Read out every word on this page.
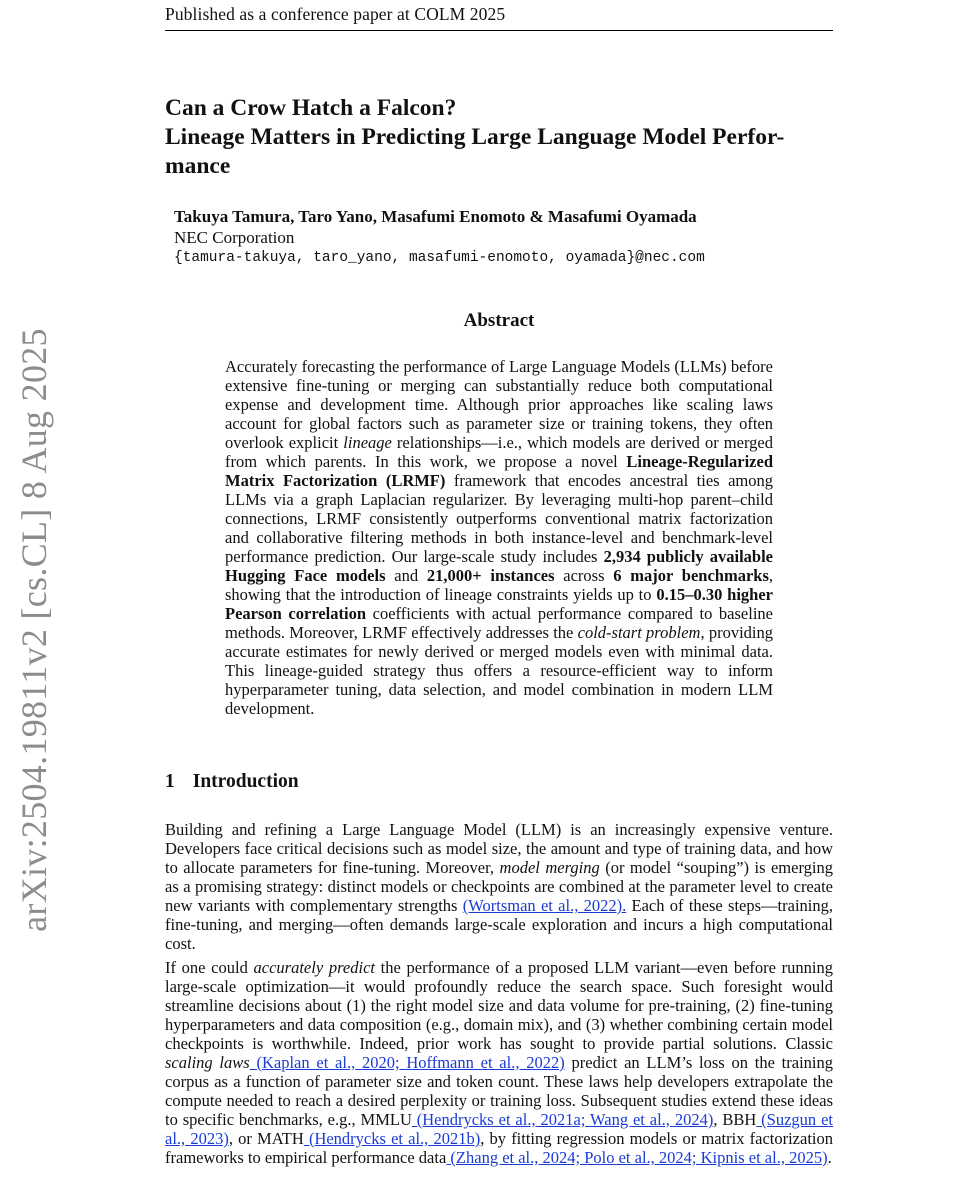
Published as a conference paper at COLM 2025
arXiv:2504.19811v2 [cs.CL] 8 Aug 2025
Can a Crow Hatch a Falcon?
Lineage Matters in Predicting Large Language Model Perfor-
mance
Takuya Tamura, Taro Yano, Masafumi Enomoto & Masafumi Oyamada
NEC Corporation
{tamura-takuya, taro_yano, masafumi-enomoto, oyamada}@nec.com
Abstract

Accurately forecasting the performance of Large Language Models (LLMs) before extensive fine-tuning or merging can substantially reduce both computational expense and development time. Although prior approaches like scaling laws account for global factors such as parameter size or training tokens, they often overlook explicit lineage relationships—i.e., which models are derived or merged from which parents. In this work, we propose a novel Lineage-Regularized Matrix Factorization (LRMF) framework that encodes ancestral ties among LLMs via a graph Laplacian regularizer. By leveraging multi-hop parent–child connections, LRMF consistently outperforms conventional matrix factorization and collaborative filtering methods in both instance-level and benchmark-level performance prediction. Our large-scale study includes 2,934 publicly available Hugging Face models and 21,000+ instances across 6 major benchmarks, showing that the introduction of lineage constraints yields up to 0.15–0.30 higher Pearson correlation coefficients with actual performance compared to baseline methods. Moreover, LRMF effectively addresses the cold-start problem, providing accurate estimates for newly derived or merged models even with minimal data. This lineage-guided strategy thus offers a resource-efficient way to inform hyperparameter tuning, data selection, and model combination in modern LLM development.

1 Introduction

Building and refining a Large Language Model (LLM) is an increasingly expensive venture. Developers face critical decisions such as model size, the amount and type of training data, and how to allocate parameters for fine-tuning. Moreover, model merging (or model “souping”) is emerging as a promising strategy: distinct models or checkpoints are combined at the parameter level to create new variants with complementary strengths (Wortsman et al., 2022). Each of these steps—training, fine-tuning, and merging—often demands large-scale exploration and incurs a high computational cost.

If one could accurately predict the performance of a proposed LLM variant—even before running large-scale optimization—it would profoundly reduce the search space. Such foresight would streamline decisions about (1) the right model size and data volume for pre-training, (2) fine-tuning hyperparameters and data composition (e.g., domain mix), and (3) whether combining certain model checkpoints is worthwhile. Indeed, prior work has sought to provide partial solutions. Classic scaling laws (Kaplan et al., 2020; Hoffmann et al., 2022) predict an LLM’s loss on the training corpus as a function of parameter size and token count. These laws help developers extrapolate the compute needed to reach a desired perplexity or training loss. Subsequent studies extend these ideas to specific benchmarks, e.g., MMLU (Hendrycks et al., 2021a; Wang et al., 2024), BBH (Suzgun et al., 2023), or MATH (Hendrycks et al., 2021b), by fitting regression models or matrix factorization frameworks to empirical performance data (Zhang et al., 2024; Polo et al., 2024; Kipnis et al., 2025).
